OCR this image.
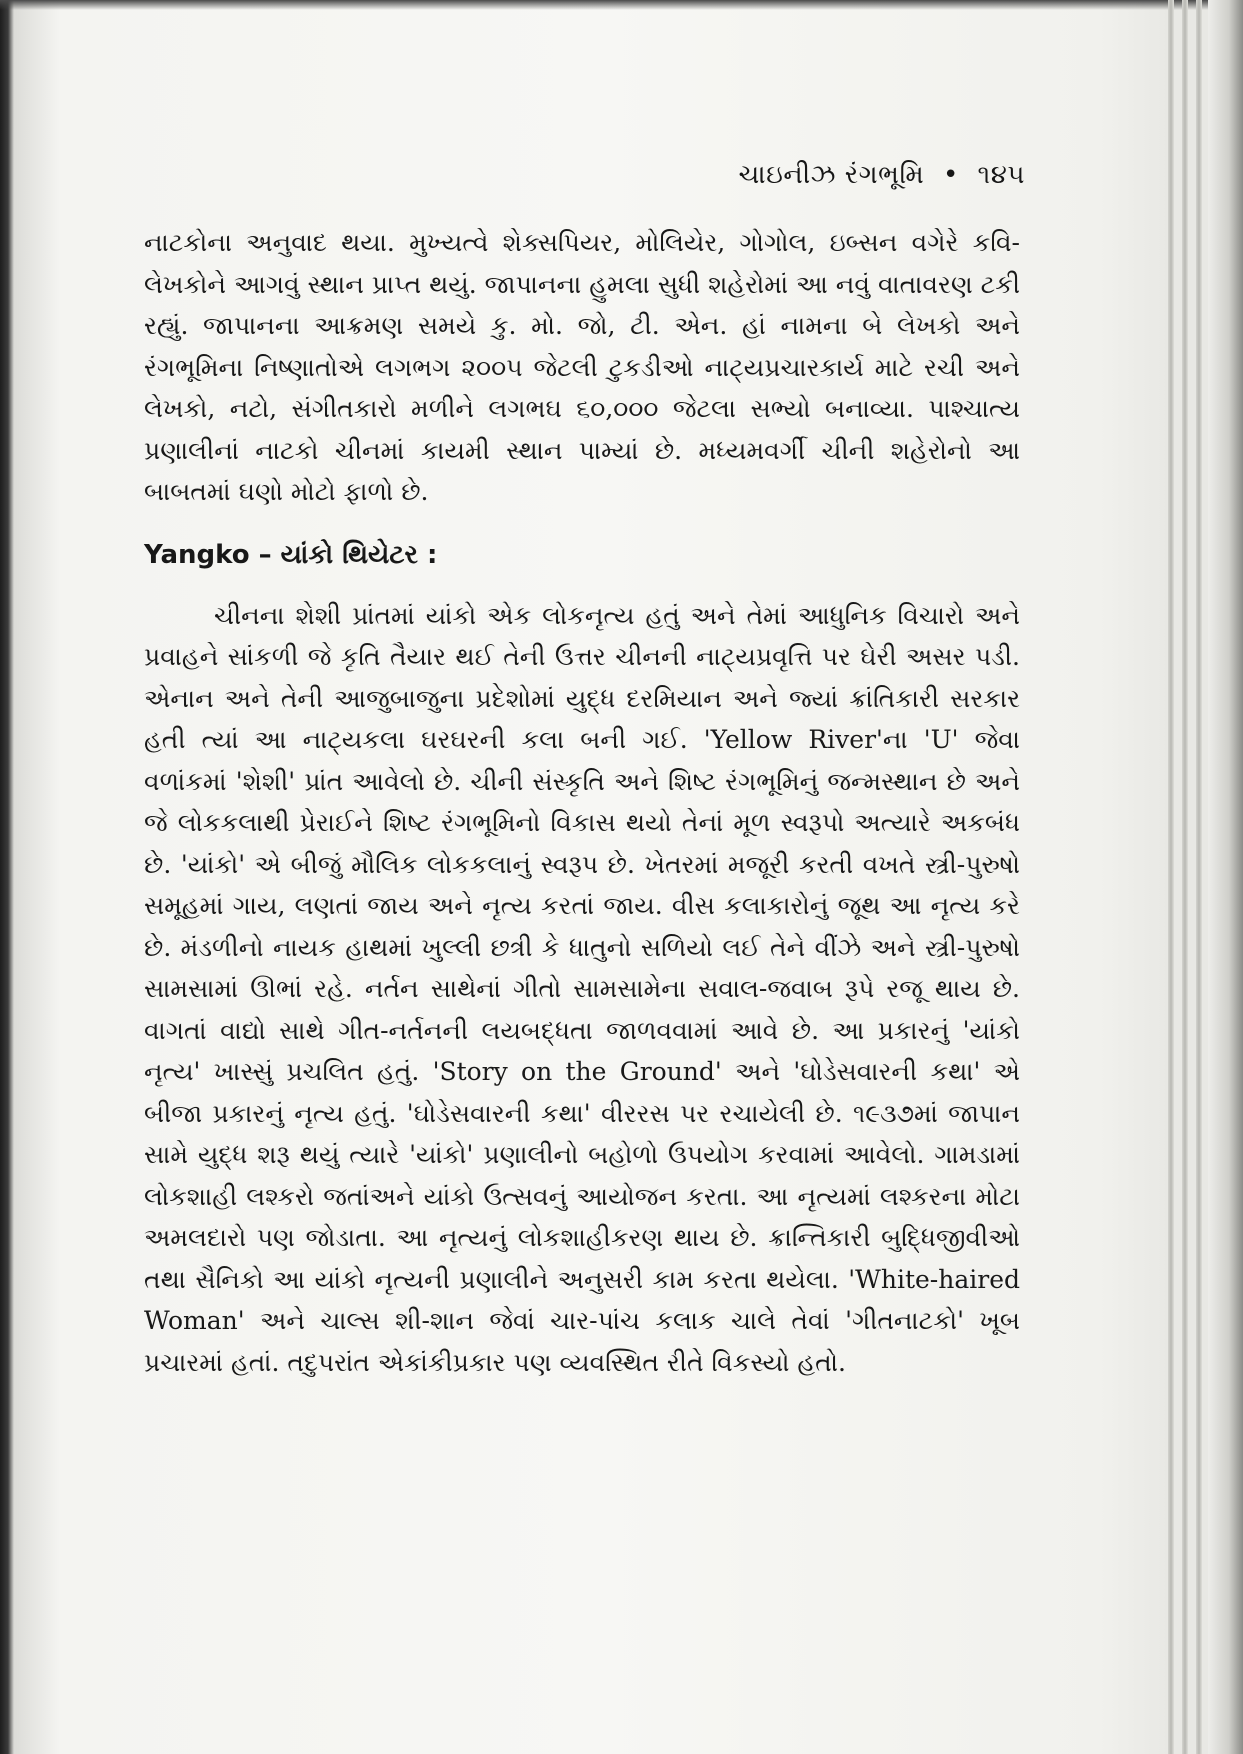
ચાઇનીઝ રંગભૂમિ • ૧૪૫

નાટકોના અનુવાદ થયા. મુખ્યત્વે શેક્સપિયર, મોલિયેર, ગોગોલ, ઇબ્સન વગેરે કવિ-લેખકોને આગવું સ્થાન પ્રાપ્ત થયું. જાપાનના હુમલા સુધી શહેરોમાં આ નવું વાતાવરણ ટકી રહ્યું. જાપાનના આક્રમણ સમયે કુ. મો. જો, ટી. એન. હાં નામના બે લેખકો અને રંગભૂમિના નિષ્ણાતોએ લગભગ ૨૦૦૫ જેટલી ટુકડીઓ નાટ્યપ્રચારકાર્ય માટે રચી અને લેખકો, નટો, સંગીતકારો મળીને લગભઘ ૬૦,૦૦૦ જેટલા સભ્યો બનાવ્યા. પાશ્ચાત્ય પ્રણાલીનાં નાટકો ચીનમાં કાયમી સ્થાન પામ્યાં છે. મધ્યમવર્ગી ચીની શહેરોનો આ બાબતમાં ઘણો મોટો ફાળો છે.

Yangko – યાંકો થિયેટર :

ચીનના શેશી પ્રાંતમાં યાંકો એક લોકનૃત્ય હતું અને તેમાં આધુનિક વિચારો અને પ્રવાહને સાંકળી જે કૃતિ તૈયાર થઈ તેની ઉત્તર ચીનની નાટ્યપ્રવૃત્તિ પર ઘેરી અસર પડી. એનાન અને તેની આજુબાજુના પ્રદેશોમાં યુદ્ધ દરમિયાન અને જ્યાં ક્રાંતિકારી સરકાર હતી ત્યાં આ નાટ્યકલા ઘરઘરની કલા બની ગઈ. 'Yellow River'ના 'U' જેવા વળાંકમાં 'શેશી' પ્રાંત આવેલો છે. ચીની સંસ્કૃતિ અને શિષ્ટ રંગભૂમિનું જન્મસ્થાન છે અને જે લોકકલાથી પ્રેરાઈને શિષ્ટ રંગભૂમિનો વિકાસ થયો તેનાં મૂળ સ્વરૂપો અત્યારે અકબંધ છે. 'યાંકો' એ બીજું મૌલિક લોકકલાનું સ્વરૂપ છે. ખેતરમાં મજૂરી કરતી વખતે સ્ત્રી-પુરુષો સમૂહમાં ગાય, લણતાં જાય અને નૃત્ય કરતાં જાય. વીસ કલાકારોનું જૂથ આ નૃત્ય કરે છે. મંડળીનો નાયક હાથમાં ખુલ્લી છત્રી કે ધાતુનો સળિયો લઈ તેને વીંઝે અને સ્ત્રી-પુરુષો સામસામાં ઊભાં રહે. નર્તન સાથેનાં ગીતો સામસામેના સવાલ-જવાબ રૂપે રજૂ થાય છે. વાગતાં વાદ્યો સાથે ગીત-નર્તનની લયબદ્ધતા જાળવવામાં આવે છે. આ પ્રકારનું 'યાંકો નૃત્ય' ખાસ્સું પ્રચલિત હતું. 'Story on the Ground' અને 'ઘોડેસવારની કથા' એ બીજા પ્રકારનું નૃત્ય હતું. 'ઘોડેસવારની કથા' વીરરસ પર રચાયેલી છે. ૧૯૩૭માં જાપાન સામે યુદ્ધ શરૂ થયું ત્યારે 'યાંકો' પ્રણાલીનો બહોળો ઉપયોગ કરવામાં આવેલો. ગામડામાં લોકશાહી લશ્કરો જતાંઅને યાંકો ઉત્સવનું આયોજન કરતા. આ નૃત્યમાં લશ્કરના મોટા અમલદારો પણ જોડાતા. આ નૃત્યનું લોકશાહીકરણ થાય છે. ક્રાન્તિકારી બુદ્ધિજીવીઓ તથા સૈનિકો આ યાંકો નૃત્યની પ્રણાલીને અનુસરી કામ કરતા થયેલા. 'White-haired Woman' અને ચાલ્સ શી-શાન જેવાં ચાર-પાંચ કલાક ચાલે તેવાં 'ગીતનાટકો' ખૂબ પ્રચારમાં હતાં. તદુપરાંત એકાંકીપ્રકાર પણ વ્યવસ્થિત રીતે વિકસ્યો હતો.
